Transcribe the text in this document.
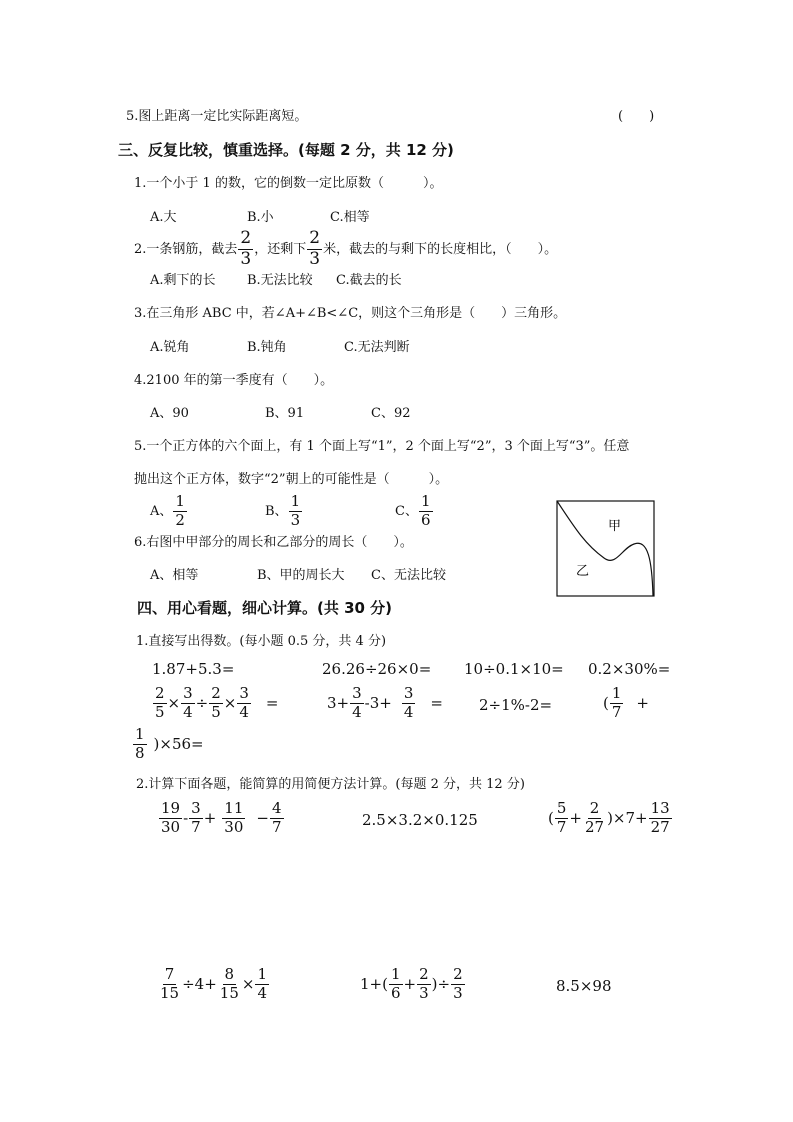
5.图上距离一定比实际距离短。	(　　)
三、反复比较，慎重选择。(每题 2 分，共 12 分)
1.一个小于 1 的数，它的倒数一定比原数（　　　）。
A.大	B.小	C.相等
2.一条钢筋，截去 $\frac{2}{3}$ ，还剩下 $\frac{2}{3}$ 米，截去的与剩下的长度相比，（　　）。
A.剩下的长 B.无法比较 C.截去的长
3.在三角形 ABC 中，若∠A+∠B<∠C，则这个三角形是（　　）三角形。
A.锐角	B.钝角	C.无法判断
4.2100 年的第一季度有（　　）。
A、90	B、91	C、92
5.一个正方体的六个面上，有 1 个面上写“1”，2 个面上写“2”，3 个面上写“3”。任意
抛出这个正方体，数字“2”朝上的可能性是（　　　）。
A、 $\frac{1}{2}$	B、 $\frac{1}{3}$	C、 $\frac{1}{6}$
6.右图中甲部分的周长和乙部分的周长（　　）。
A、相等	B、甲的周长大 C、无法比较
甲
乙
四、用心看题，细心计算。(共 30 分)
1.直接写出得数。(每小题 0.5 分，共 4 分)
1.87+5.3=	26.26÷26×0= 10÷0.1×10= 0.2×30%=
$\frac{2}{5} \times \frac{3}{4} \div \frac{2}{5} \times \frac{3}{4}$ =	$3+ \frac{3}{4} -3+ \frac{3}{4} = 2\div 1\%-2=$	( $\frac{1}{7}$ +
$\frac{1}{8} )\times 56=$
2.计算下面各题，能简算的用简便方法计算。(每题 2 分，共 12 分)
$\frac{19}{30} - \frac{3}{7} + \frac{11}{30} - \frac{4}{7}$	2.5×3.2×0.125	( $\frac{5}{7} + \frac{2}{27} )\times 7+ \frac{13}{27}$
$\frac{7}{15} \div 4+ \frac{8}{15} \times \frac{1}{4}$	$1+( \frac{1}{6} + \frac{2}{3}$ )÷ $\frac{2}{3}$	8.5×98
